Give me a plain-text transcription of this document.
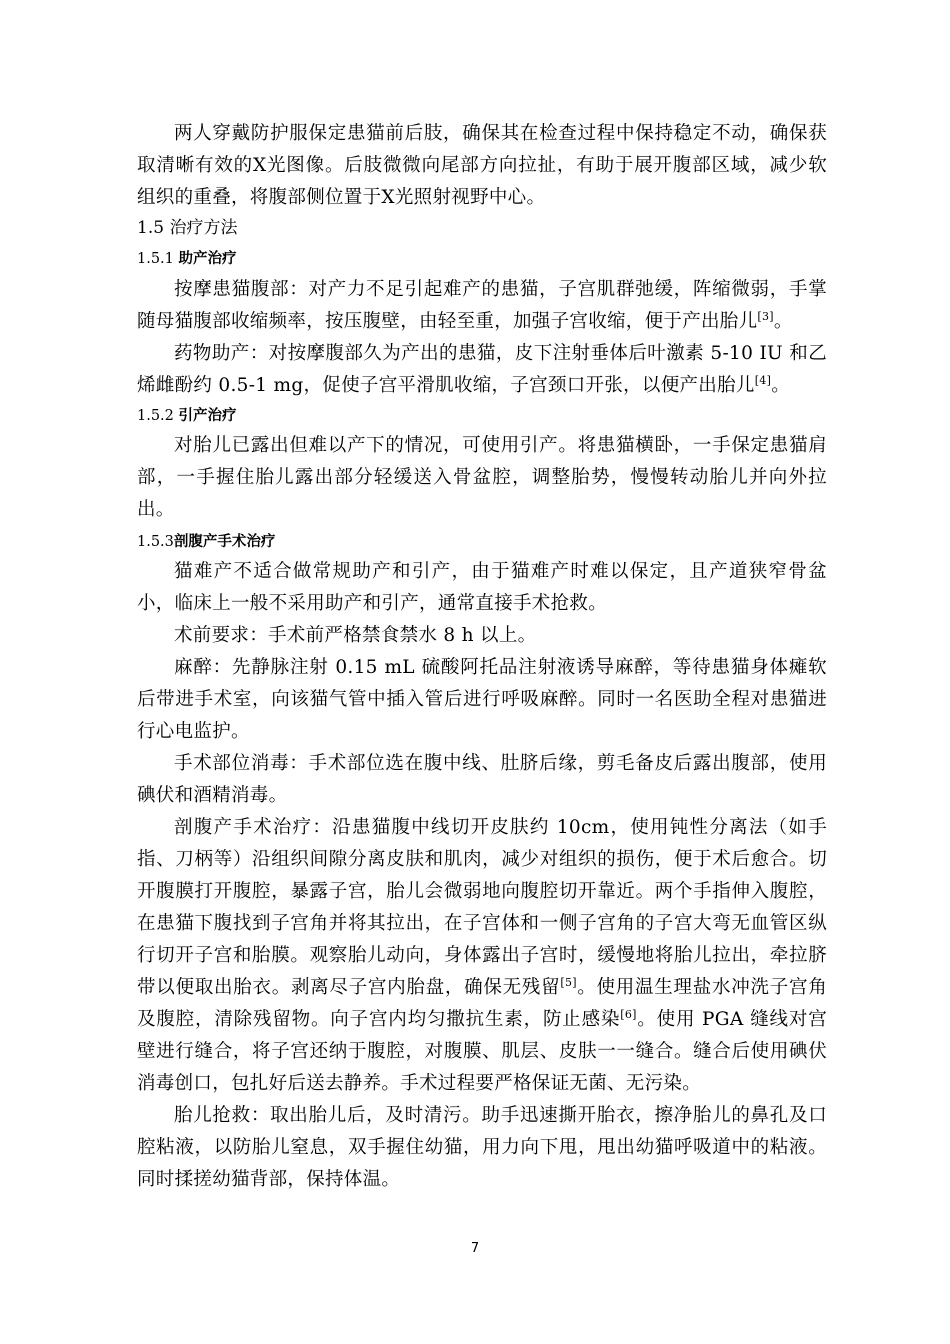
两人穿戴防护服保定患猫前后肢，确保其在检查过程中保持稳定不动，确保获取清晰有效的X光图像。后肢微微向尾部方向拉扯，有助于展开腹部区域，减少软组织的重叠，将腹部侧位置于X光照射视野中心。

1.5 治疗方法

1.5.1 助产治疗

按摩患猫腹部：对产力不足引起难产的患猫，子宫肌群弛缓，阵缩微弱，手掌随母猫腹部收缩频率，按压腹壁，由轻至重，加强子宫收缩，便于产出胎儿[3]。

药物助产：对按摩腹部久为产出的患猫，皮下注射垂体后叶激素 5-10 IU 和乙烯雌酚约 0.5-1 mg，促使子宫平滑肌收缩，子宫颈口开张，以便产出胎儿[4]。

1.5.2 引产治疗

对胎儿已露出但难以产下的情况，可使用引产。将患猫横卧，一手保定患猫肩部，一手握住胎儿露出部分轻缓送入骨盆腔，调整胎势，慢慢转动胎儿并向外拉出。

1.5.3剖腹产手术治疗

猫难产不适合做常规助产和引产，由于猫难产时难以保定，且产道狭窄骨盆小，临床上一般不采用助产和引产，通常直接手术抢救。

术前要求：手术前严格禁食禁水 8 h 以上。

麻醉：先静脉注射 0.15 mL 硫酸阿托品注射液诱导麻醉，等待患猫身体瘫软后带进手术室，向该猫气管中插入管后进行呼吸麻醉。同时一名医助全程对患猫进行心电监护。

手术部位消毒：手术部位选在腹中线、肚脐后缘，剪毛备皮后露出腹部，使用碘伏和酒精消毒。

剖腹产手术治疗：沿患猫腹中线切开皮肤约 10cm，使用钝性分离法（如手指、刀柄等）沿组织间隙分离皮肤和肌肉，减少对组织的损伤，便于术后愈合。切开腹膜打开腹腔，暴露子宫，胎儿会微弱地向腹腔切开靠近。两个手指伸入腹腔，在患猫下腹找到子宫角并将其拉出，在子宫体和一侧子宫角的子宫大弯无血管区纵行切开子宫和胎膜。观察胎儿动向，身体露出子宫时，缓慢地将胎儿拉出，牵拉脐带以便取出胎衣。剥离尽子宫内胎盘，确保无残留[5]。使用温生理盐水冲洗子宫角及腹腔，清除残留物。向子宫内均匀撒抗生素，防止感染[6]。使用 PGA 缝线对宫壁进行缝合，将子宫还纳于腹腔，对腹膜、肌层、皮肤一一缝合。缝合后使用碘伏消毒创口，包扎好后送去静养。手术过程要严格保证无菌、无污染。

胎儿抢救：取出胎儿后，及时清污。助手迅速撕开胎衣，擦净胎儿的鼻孔及口腔粘液，以防胎儿窒息，双手握住幼猫，用力向下甩，甩出幼猫呼吸道中的粘液。同时揉搓幼猫背部，保持体温。

7
